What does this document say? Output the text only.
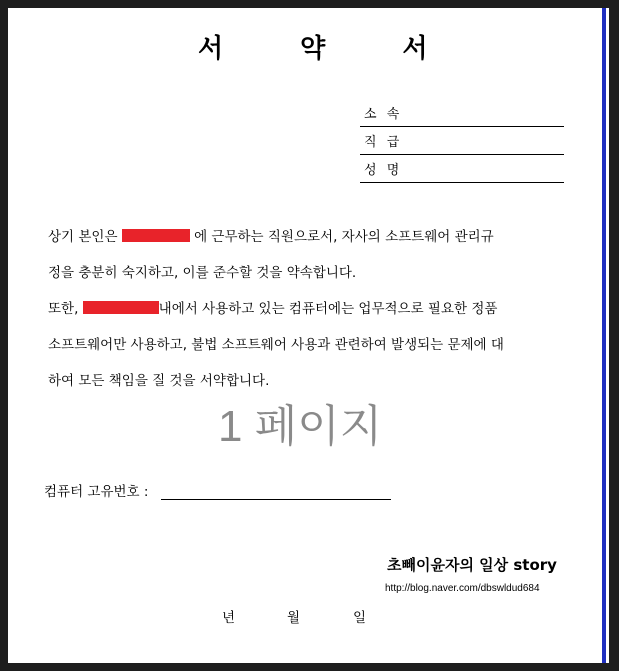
서 약 서
소 속
직 급
성 명
상기 본인은	에 근무하는 직원으로서, 자사의 소프트웨어 관리규
정을 충분히 숙지하고, 이를 준수할 것을 약속합니다.
또한,	내에서 사용하고 있는 컴퓨터에는 업무적으로 필요한 정품
소프트웨어만 사용하고, 불법 소프트웨어 사용과 관련하여 발생되는 문제에 대
하여 모든 책임을 질 것을 서약합니다.
1 페이지
컴퓨터 고유번호 :
초빼이윤자의 일상 story
http://blog.naver.com/dbswldud684
년	월	일
